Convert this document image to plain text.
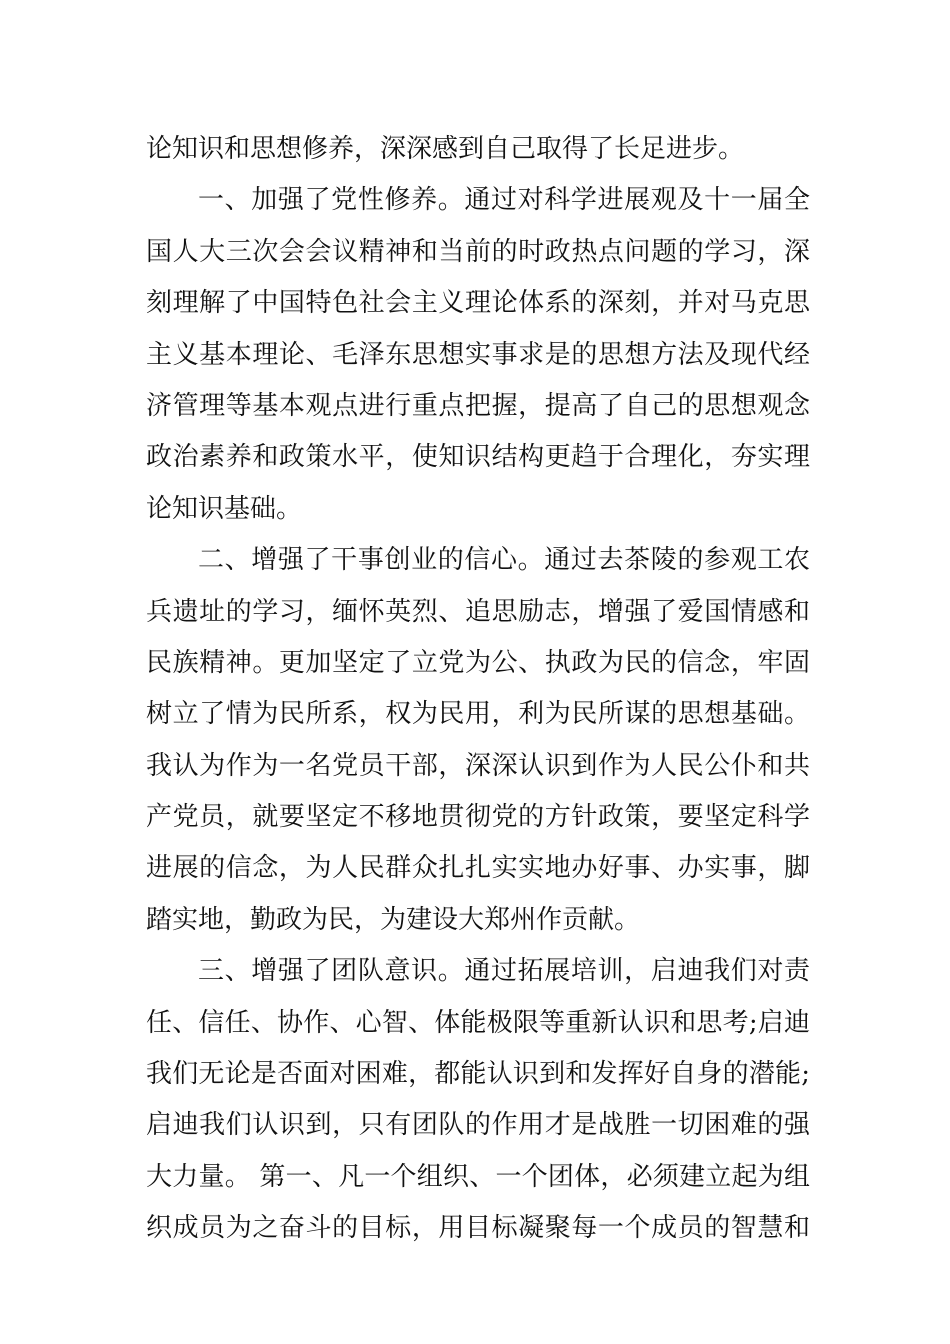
论知识和思想修养，深深感到自己取得了长足进步。
一、加强了党性修养。通过对科学进展观及十一届全
国人大三次会会议精神和当前的时政热点问题的学习，深
刻理解了中国特色社会主义理论体系的深刻，并对马克思
主义基本理论、毛泽东思想实事求是的思想方法及现代经
济管理等基本观点进行重点把握，提高了自己的思想观念
政治素养和政策水平，使知识结构更趋于合理化，夯实理
论知识基础。
二、增强了干事创业的信心。通过去茶陵的参观工农
兵遗址的学习，缅怀英烈、追思励志，增强了爱国情感和
民族精神。更加坚定了立党为公、执政为民的信念，牢固
树立了情为民所系，权为民用，利为民所谋的思想基础。
我认为作为一名党员干部，深深认识到作为人民公仆和共
产党员，就要坚定不移地贯彻党的方针政策，要坚定科学
进展的信念，为人民群众扎扎实实地办好事、办实事，脚
踏实地，勤政为民，为建设大郑州作贡献。
三、增强了团队意识。通过拓展培训，启迪我们对责
任、信任、协作、心智、体能极限等重新认识和思考;启迪
我们无论是否面对困难，都能认识到和发挥好自身的潜能;
启迪我们认识到，只有团队的作用才是战胜一切困难的强
大力量。 第一、凡一个组织、一个团体，必须建立起为组
织成员为之奋斗的目标，用目标凝聚每一个成员的智慧和
